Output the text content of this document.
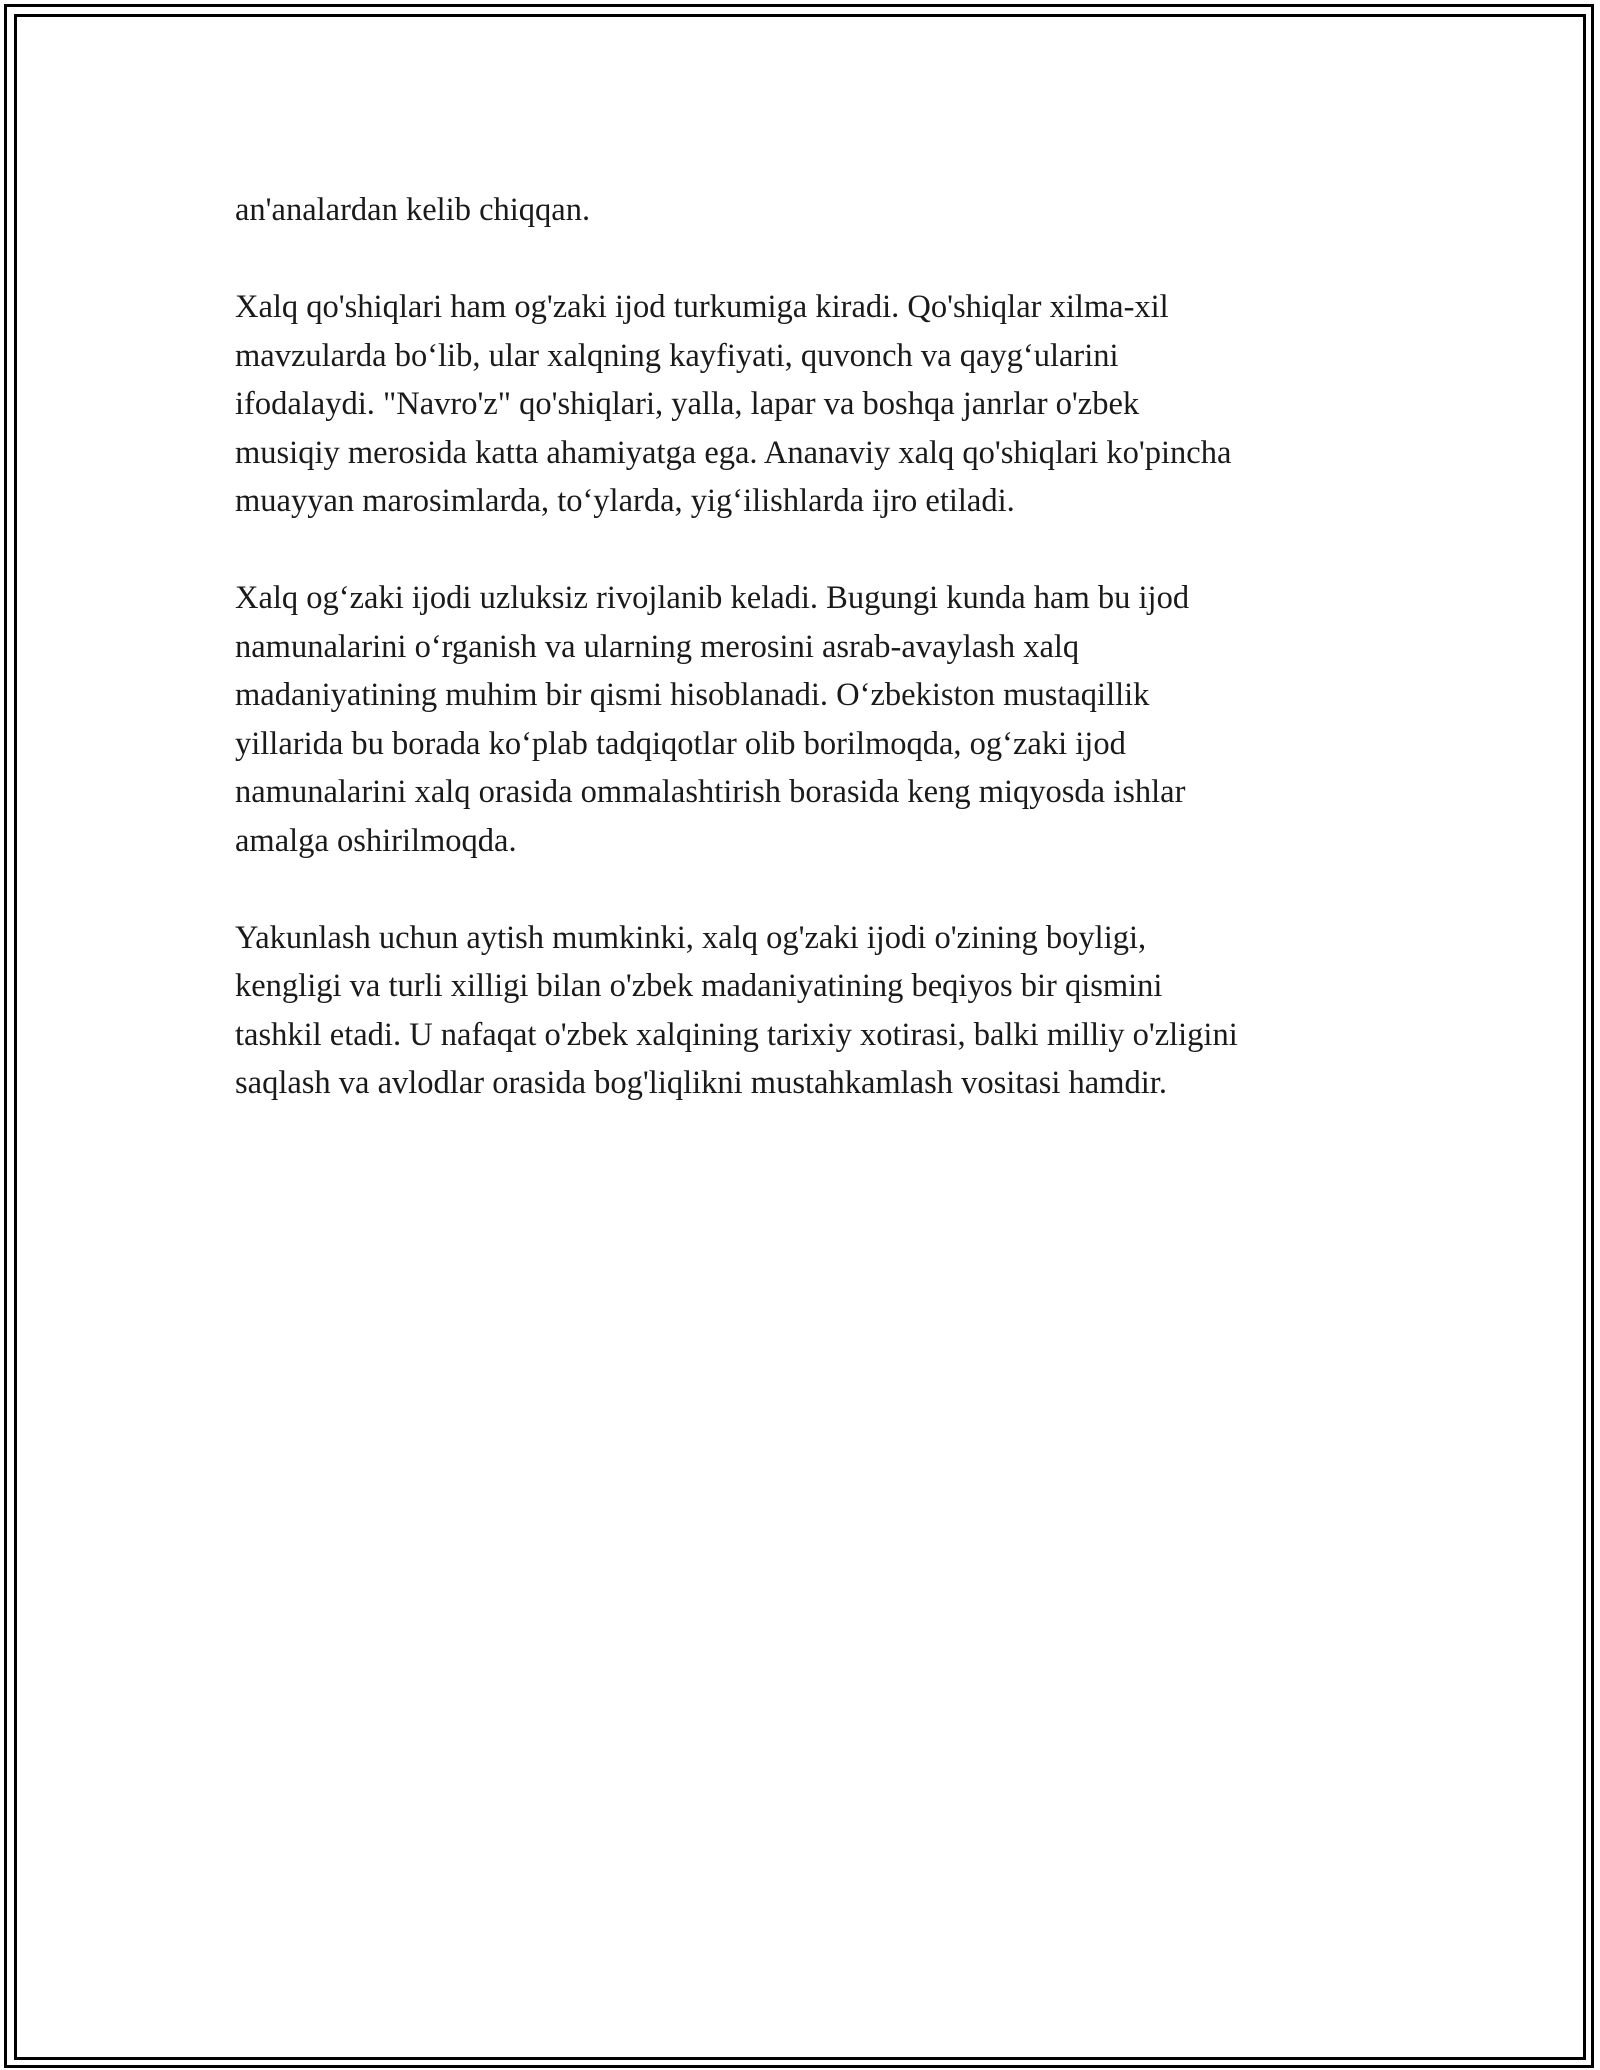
an'analardan kelib chiqqan.

Xalq qo'shiqlari ham og'zaki ijod turkumiga kiradi. Qo'shiqlar xilma-xil
mavzularda bo‘lib, ular xalqning kayfiyati, quvonch va qayg‘ularini
ifodalaydi. "Navro'z" qo'shiqlari, yalla, lapar va boshqa janrlar o'zbek
musiqiy merosida katta ahamiyatga ega. Ananaviy xalq qo'shiqlari ko'pincha
muayyan marosimlarda, to‘ylarda, yig‘ilishlarda ijro etiladi.

Xalq og‘zaki ijodi uzluksiz rivojlanib keladi. Bugungi kunda ham bu ijod
namunalarini o‘rganish va ularning merosini asrab-avaylash xalq
madaniyatining muhim bir qismi hisoblanadi. O‘zbekiston mustaqillik
yillarida bu borada ko‘plab tadqiqotlar olib borilmoqda, og‘zaki ijod
namunalarini xalq orasida ommalashtirish borasida keng miqyosda ishlar
amalga oshirilmoqda.

Yakunlash uchun aytish mumkinki, xalq og'zaki ijodi o'zining boyligi,
kengligi va turli xilligi bilan o'zbek madaniyatining beqiyos bir qismini
tashkil etadi. U nafaqat o'zbek xalqining tarixiy xotirasi, balki milliy o'zligini
saqlash va avlodlar orasida bog'liqlikni mustahkamlash vositasi hamdir.
